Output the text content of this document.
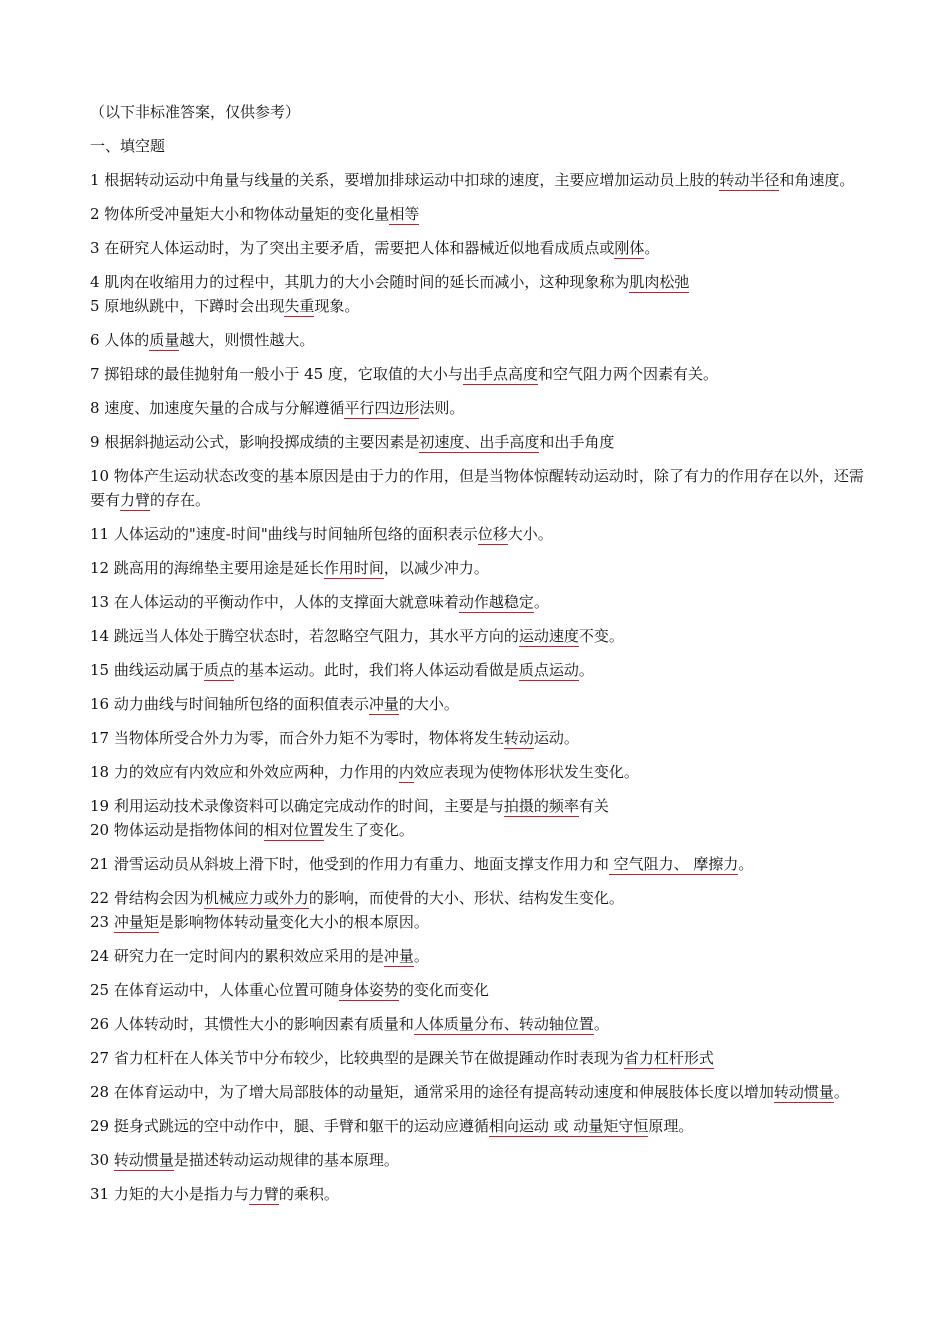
（以下非标准答案，仅供参考）
一、填空题
1 根据转动运动中角量与线量的关系，要增加排球运动中扣球的速度，主要应增加运动员上肢的转动半径和角速度。
2 物体所受冲量矩大小和物体动量矩的变化量相等
3 在研究人体运动时，为了突出主要矛盾，需要把人体和器械近似地看成质点或刚体。
4 肌肉在收缩用力的过程中，其肌力的大小会随时间的延长而减小，这种现象称为肌肉松弛
5 原地纵跳中，下蹲时会出现失重现象。
6 人体的质量越大，则惯性越大。
7 掷铅球的最佳抛射角一般小于 45 度，它取值的大小与出手点高度和空气阻力两个因素有关。
8 速度、加速度矢量的合成与分解遵循平行四边形法则。
9 根据斜抛运动公式，影响投掷成绩的主要因素是初速度、出手高度和出手角度
10 物体产生运动状态改变的基本原因是由于力的作用，但是当物体惊醒转动运动时，除了有力的作用存在以外，还需要有力臂的存在。
11 人体运动的"速度-时间"曲线与时间轴所包络的面积表示位移大小。
12 跳高用的海绵垫主要用途是延长作用时间，以减少冲力。
13 在人体运动的平衡动作中，人体的支撑面大就意味着动作越稳定。
14 跳远当人体处于腾空状态时，若忽略空气阻力，其水平方向的运动速度不变。
15 曲线运动属于质点的基本运动。此时，我们将人体运动看做是质点运动。
16 动力曲线与时间轴所包络的面积值表示冲量的大小。
17 当物体所受合外力为零，而合外力矩不为零时，物体将发生转动运动。
18 力的效应有内效应和外效应两种，力作用的内效应表现为使物体形状发生变化。
19 利用运动技术录像资料可以确定完成动作的时间，主要是与拍摄的频率有关
20 物体运动是指物体间的相对位置发生了变化。
21 滑雪运动员从斜坡上滑下时，他受到的作用力有重力、地面支撑支作用力和 空气阻力、 摩擦力。
22 骨结构会因为机械应力或外力的影响，而使骨的大小、形状、结构发生变化。
23 冲量矩是影响物体转动量变化大小的根本原因。
24 研究力在一定时间内的累积效应采用的是冲量。
25 在体育运动中，人体重心位置可随身体姿势的变化而变化
26 人体转动时，其惯性大小的影响因素有质量和人体质量分布、转动轴位置。
27 省力杠杆在人体关节中分布较少，比较典型的是踝关节在做提踵动作时表现为省力杠杆形式
28 在体育运动中，为了增大局部肢体的动量矩，通常采用的途径有提高转动速度和伸展肢体长度以增加转动惯量。
29 挺身式跳远的空中动作中，腿、手臂和躯干的运动应遵循相向运动 或 动量矩守恒原理。
30 转动惯量是描述转动运动规律的基本原理。
31 力矩的大小是指力与力臂的乘积。
